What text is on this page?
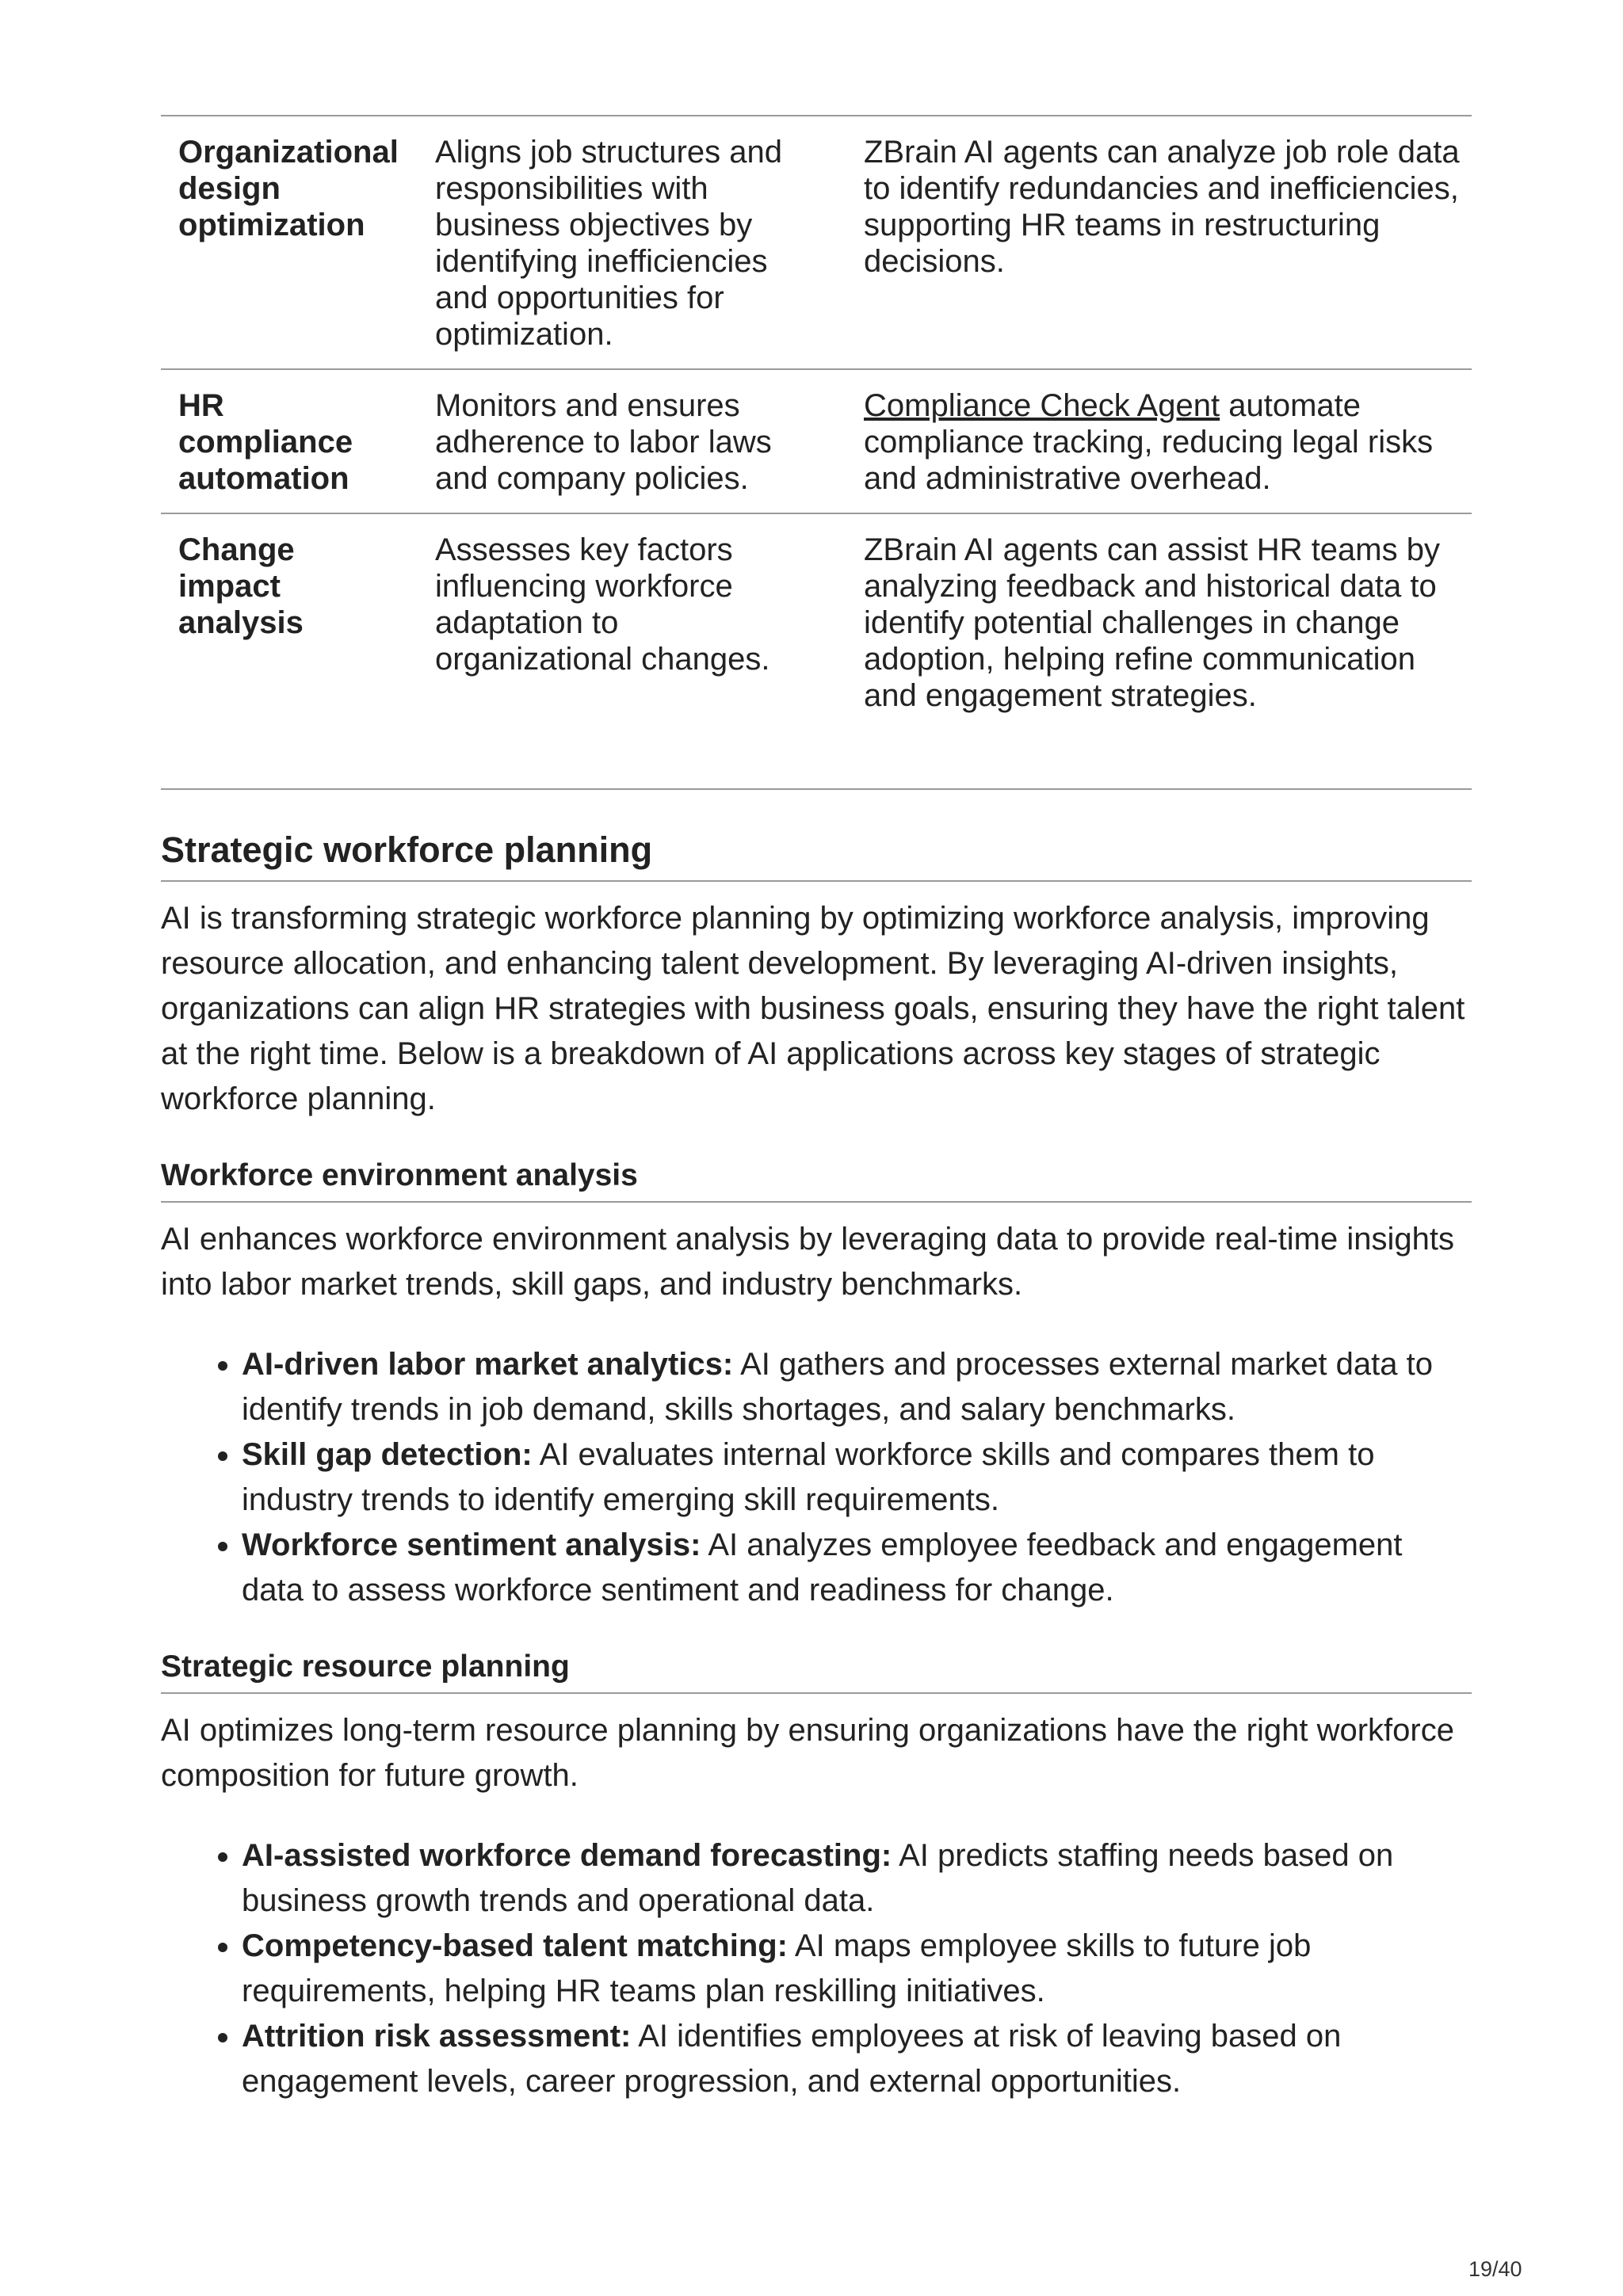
Organizational design optimization	Aligns job structures and responsibilities with business objectives by identifying inefficiencies and opportunities for optimization.	ZBrain AI agents can analyze job role data to identify redundancies and inefficiencies, supporting HR teams in restructuring decisions.
HR compliance automation	Monitors and ensures adherence to labor laws and company policies.	Compliance Check Agent automate compliance tracking, reducing legal risks and administrative overhead.
Change impact analysis	Assesses key factors influencing workforce adaptation to organizational changes.	ZBrain AI agents can assist HR teams by analyzing feedback and historical data to identify potential challenges in change adoption, helping refine communication and engagement strategies.
Strategic workforce planning

AI is transforming strategic workforce planning by optimizing workforce analysis, improving resource allocation, and enhancing talent development. By leveraging AI-driven insights, organizations can align HR strategies with business goals, ensuring they have the right talent at the right time. Below is a breakdown of AI applications across key stages of strategic workforce planning.

Workforce environment analysis

AI enhances workforce environment analysis by leveraging data to provide real-time insights into labor market trends, skill gaps, and industry benchmarks.

• AI-driven labor market analytics: AI gathers and processes external market data to identify trends in job demand, skills shortages, and salary benchmarks.
• Skill gap detection: AI evaluates internal workforce skills and compares them to industry trends to identify emerging skill requirements.
• Workforce sentiment analysis: AI analyzes employee feedback and engagement data to assess workforce sentiment and readiness for change.
Strategic resource planning

AI optimizes long-term resource planning by ensuring organizations have the right workforce composition for future growth.

• AI-assisted workforce demand forecasting: AI predicts staffing needs based on business growth trends and operational data.
• Competency-based talent matching: AI maps employee skills to future job requirements, helping HR teams plan reskilling initiatives.
• Attrition risk assessment: AI identifies employees at risk of leaving based on engagement levels, career progression, and external opportunities.
19/40
